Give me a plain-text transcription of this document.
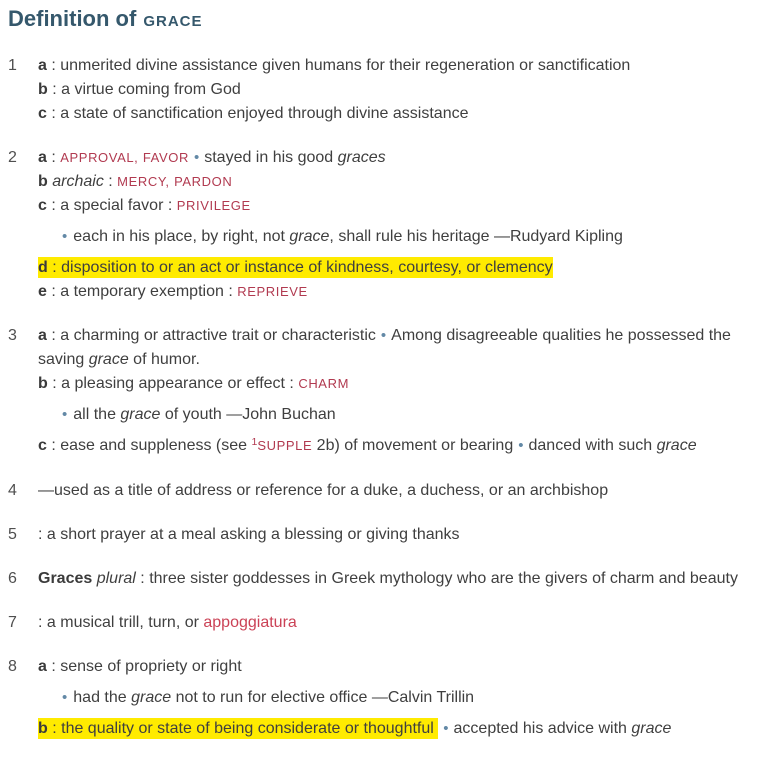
Definition of GRACE
1	a : unmerited divine assistance given humans for their regeneration or sanctification
b : a virtue coming from God
c : a state of sanctification enjoyed through divine assistance
2	a : APPROVAL, FAVOR • stayed in his good graces
b archaic : MERCY, PARDON
c : a special favor : PRIVILEGE
• each in his place, by right, not grace, shall rule his heritage —Rudyard Kipling
d : disposition to or an act or instance of kindness, courtesy, or clemency
e : a temporary exemption : REPRIEVE
3	a : a charming or attractive trait or characteristic • Among disagreeable qualities he possessed the saving grace of humor.
b : a pleasing appearance or effect : CHARM
• all the grace of youth —John Buchan
c : ease and suppleness (see $^1$SUPPLE 2b) of movement or bearing • danced with such grace
4	—used as a title of address or reference for a duke, a duchess, or an archbishop
5	: a short prayer at a meal asking a blessing or giving thanks
6	Graces plural : three sister goddesses in Greek mythology who are the givers of charm and beauty
7	: a musical trill, turn, or appoggiatura
8	a : sense of propriety or right
• had the grace not to run for elective office —Calvin Trillin
b : the quality or state of being considerate or thoughtful • accepted his advice with grace
